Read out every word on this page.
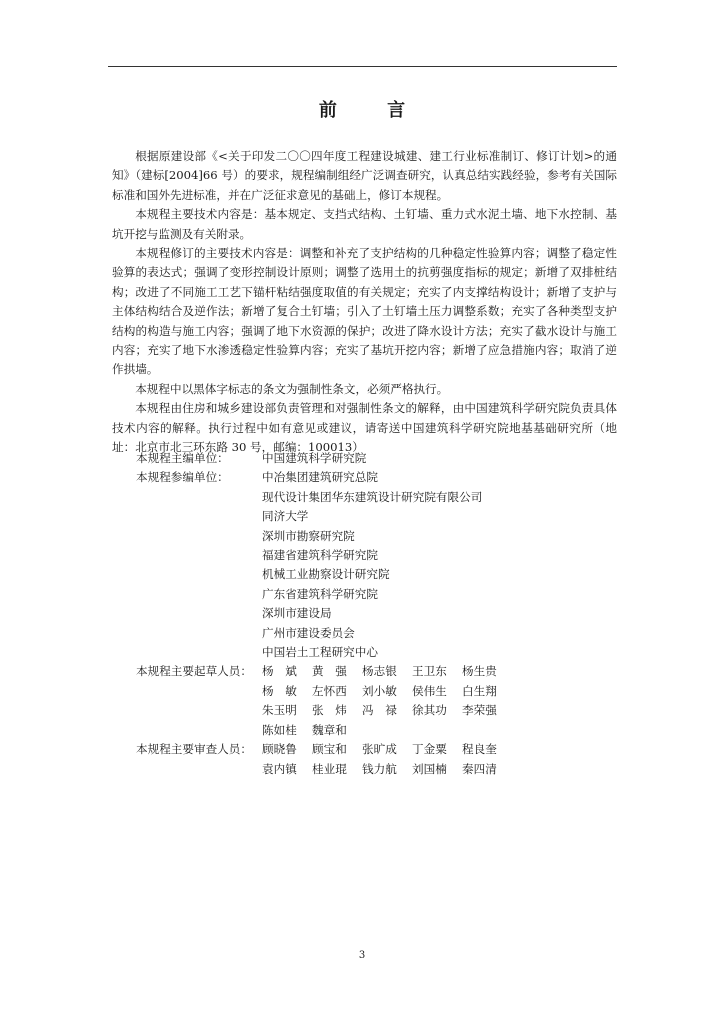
前 言

根据原建设部《<关于印发二〇〇四年度工程建设城建、建工行业标准制订、修订计划>的通知》（建标[2004]66 号）的要求，规程编制组经广泛调查研究，认真总结实践经验，参考有关国际标准和国外先进标准，并在广泛征求意见的基础上，修订本规程。

本规程主要技术内容是：基本规定、支挡式结构、土钉墙、重力式水泥土墙、地下水控制、基坑开挖与监测及有关附录。

本规程修订的主要技术内容是：调整和补充了支护结构的几种稳定性验算内容；调整了稳定性验算的表达式；强调了变形控制设计原则；调整了选用土的抗剪强度指标的规定；新增了双排桩结构；改进了不同施工工艺下锚杆粘结强度取值的有关规定；充实了内支撑结构设计；新增了支护与主体结构结合及逆作法；新增了复合土钉墙；引入了土钉墙土压力调整系数；充实了各种类型支护结构的构造与施工内容；强调了地下水资源的保护；改进了降水设计方法；充实了截水设计与施工内容；充实了地下水渗透稳定性验算内容；充实了基坑开挖内容；新增了应急措施内容；取消了逆作拱墙。

本规程中以黑体字标志的条文为强制性条文，必须严格执行。

本规程由住房和城乡建设部负责管理和对强制性条文的解释，由中国建筑科学研究院负责具体技术内容的解释。执行过程中如有意见或建议，请寄送中国建筑科学研究院地基基础研究所（地址：北京市北三环东路 30 号，邮编：100013）

本规程主编单位：	中国建筑科学研究院
本规程参编单位：	中冶集团建筑研究总院
现代设计集团华东建筑设计研究院有限公司
同济大学
深圳市勘察研究院
福建省建筑科学研究院
机械工业勘察设计研究院
广东省建筑科学研究院
深圳市建设局
广州市建设委员会
中国岩土工程研究中心
本规程主要起草人员： 杨　斌	黄　强	杨志银	王卫东	杨生贵
杨　敏	左怀西	刘小敏	侯伟生	白生翔
朱玉明	张　炜	冯　禄	徐其功	李荣强
陈如桂	魏章和
本规程主要审查人员： 顾晓鲁	顾宝和	张旷成	丁金粟	程良奎
袁内镇	桂业琨	钱力航	刘国楠	秦四清
3
